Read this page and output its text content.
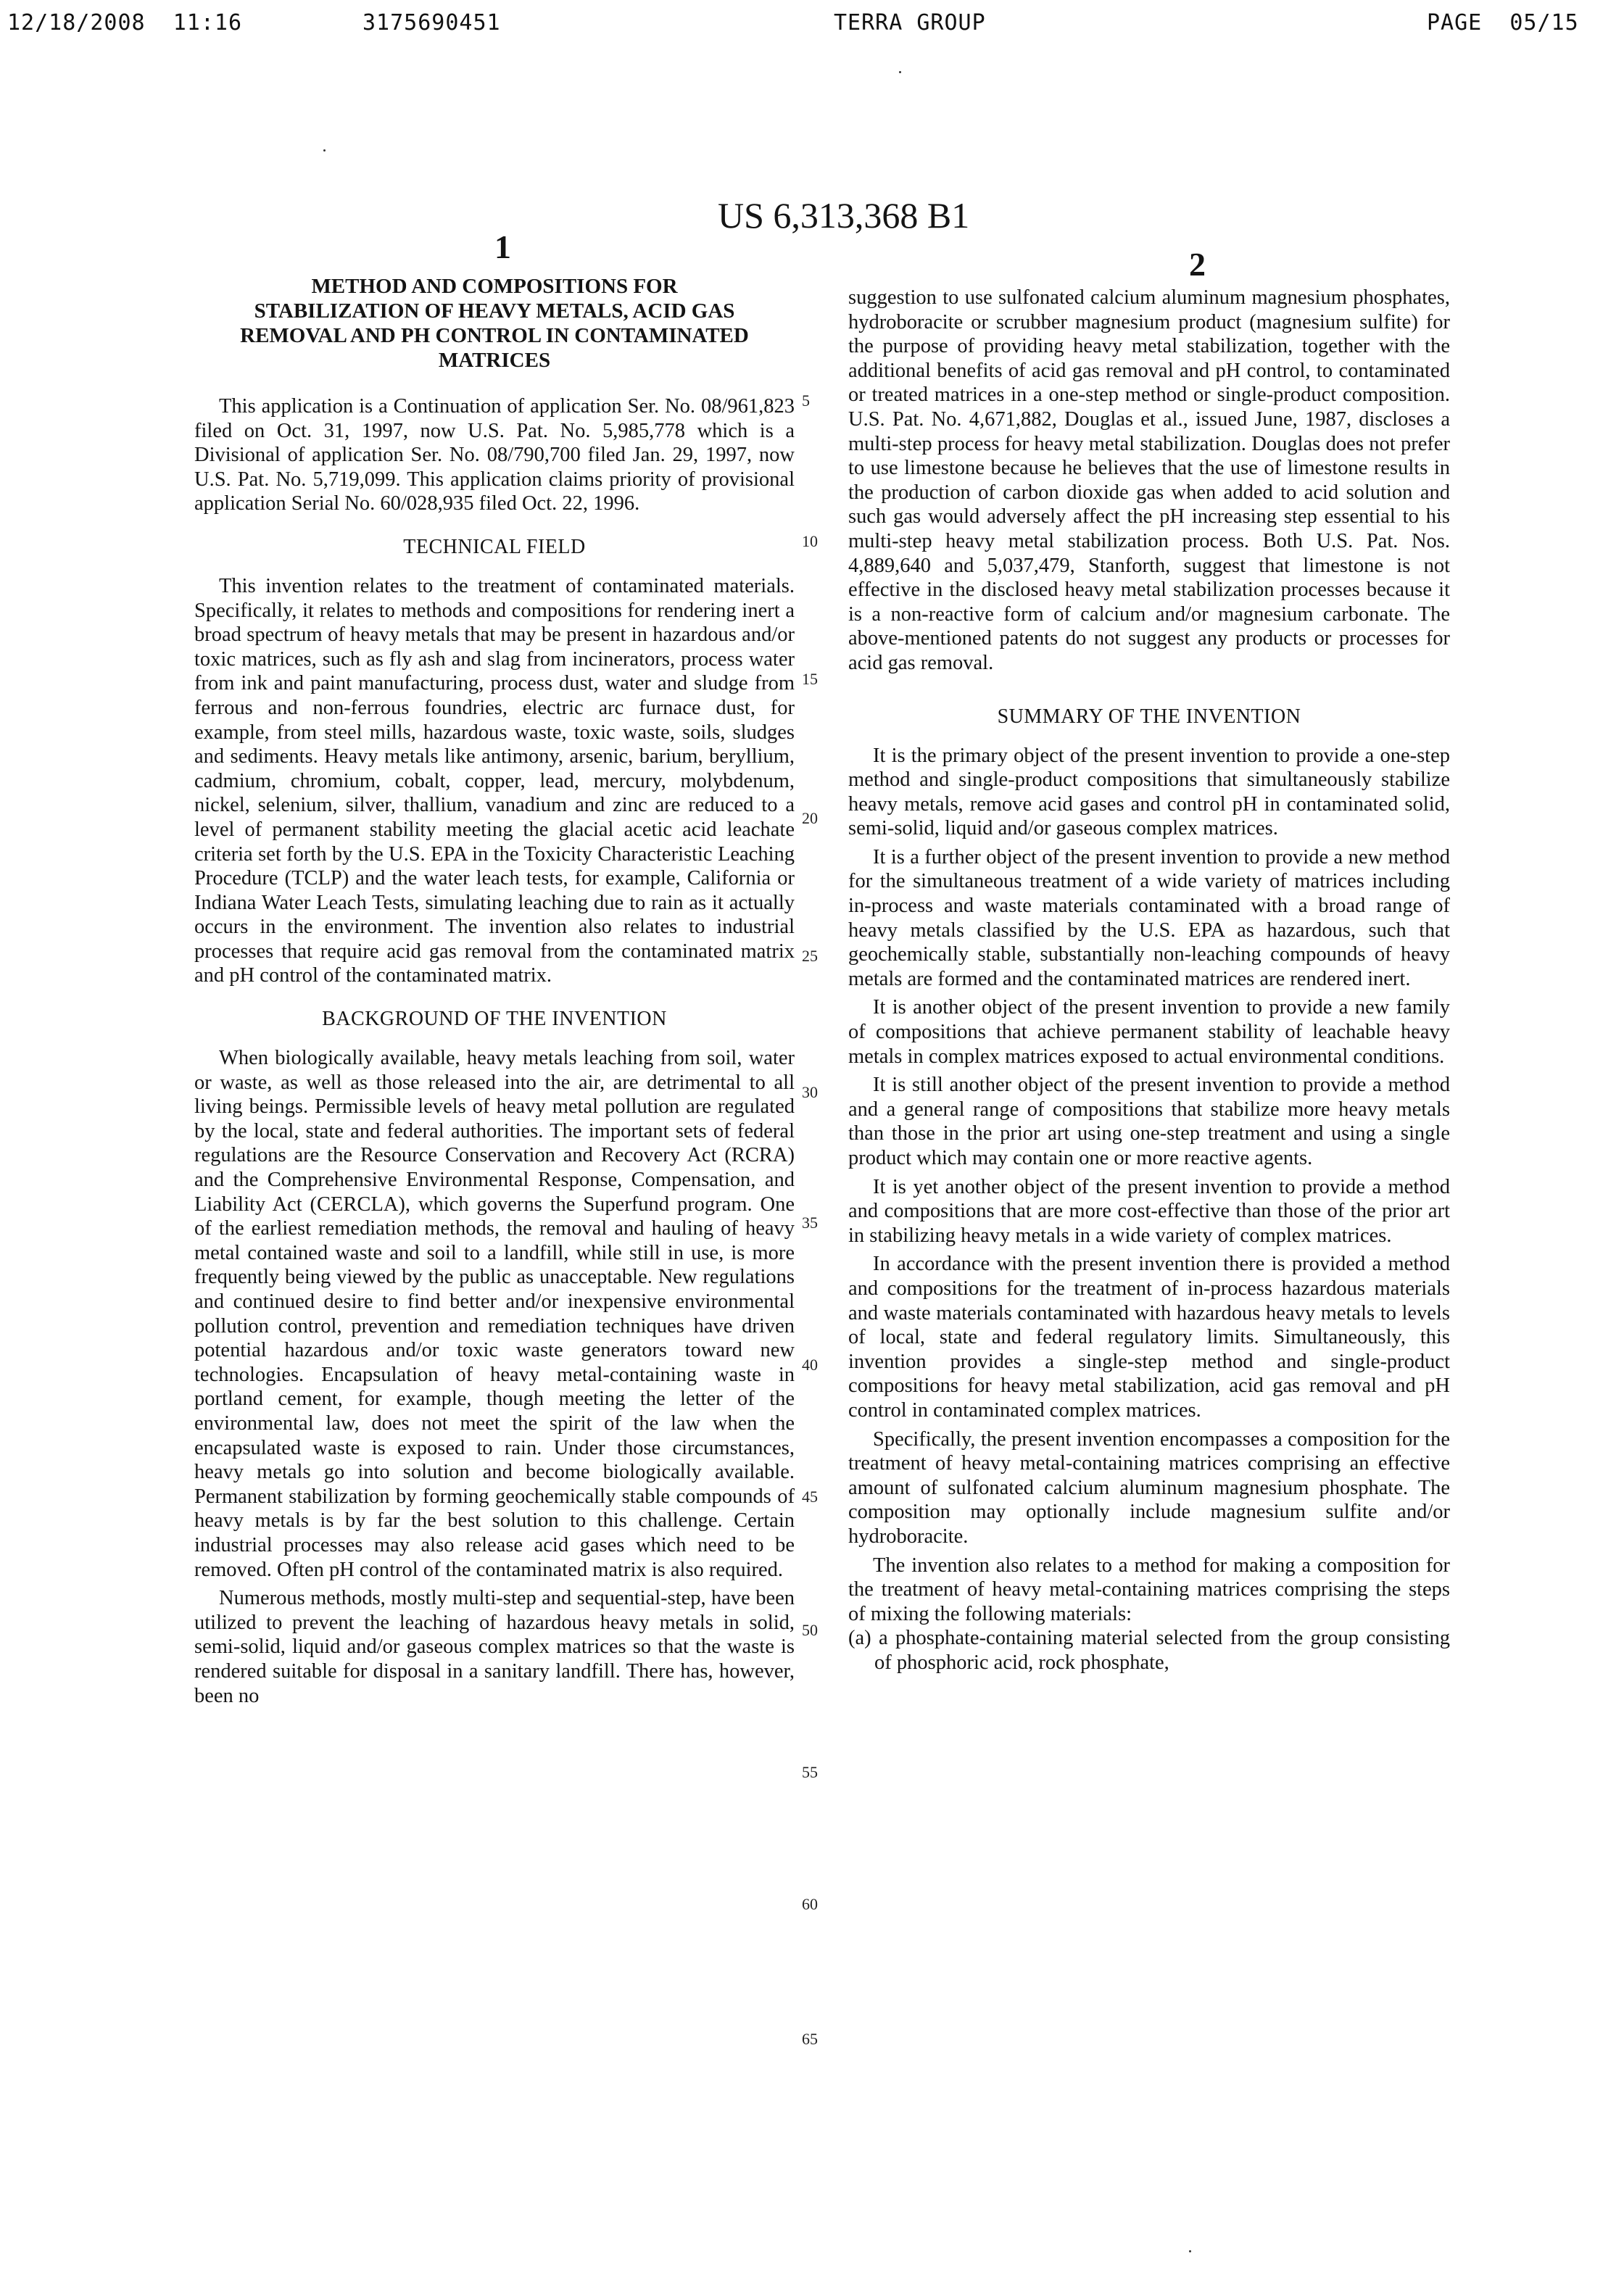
12/18/2008  11:16	3175690451	TERRA GROUP	PAGE  05/15
US 6,313,368 B1
1	2
METHOD AND COMPOSITIONS FOR STABILIZATION OF HEAVY METALS, ACID GAS REMOVAL AND PH CONTROL IN CONTAMINATED MATRICES

This application is a Continuation of application Ser. No. 08/961,823 filed on Oct. 31, 1997, now U.S. Pat. No. 5,985,778 which is a Divisional of application Ser. No. 08/790,700 filed Jan. 29, 1997, now U.S. Pat. No. 5,719,099. This application claims priority of provisional application Serial No. 60/028,935 filed Oct. 22, 1996.

TECHNICAL FIELD

This invention relates to the treatment of contaminated materials. Specifically, it relates to methods and compositions for rendering inert a broad spectrum of heavy metals that may be present in hazardous and/or toxic matrices, such as fly ash and slag from incinerators, process water from ink and paint manufacturing, process dust, water and sludge from ferrous and non-ferrous foundries, electric arc furnace dust, for example, from steel mills, hazardous waste, toxic waste, soils, sludges and sediments. Heavy metals like antimony, arsenic, barium, beryllium, cadmium, chromium, cobalt, copper, lead, mercury, molybdenum, nickel, selenium, silver, thallium, vanadium and zinc are reduced to a level of permanent stability meeting the glacial acetic acid leachate criteria set forth by the U.S. EPA in the Toxicity Characteristic Leaching Procedure (TCLP) and the water leach tests, for example, California or Indiana Water Leach Tests, simulating leaching due to rain as it actually occurs in the environment. The invention also relates to industrial processes that require acid gas removal from the contaminated matrix and pH control of the contaminated matrix.

BACKGROUND OF THE INVENTION

When biologically available, heavy metals leaching from soil, water or waste, as well as those released into the air, are detrimental to all living beings. Permissible levels of heavy metal pollution are regulated by the local, state and federal authorities. The important sets of federal regulations are the Resource Conservation and Recovery Act (RCRA) and the Comprehensive Environmental Response, Compensation, and Liability Act (CERCLA), which governs the Superfund program. One of the earliest remediation methods, the removal and hauling of heavy metal contained waste and soil to a landfill, while still in use, is more frequently being viewed by the public as unacceptable. New regulations and continued desire to find better and/or inexpensive environmental pollution control, prevention and remediation techniques have driven potential hazardous and/or toxic waste generators toward new technologies. Encapsulation of heavy metal-containing waste in portland cement, for example, though meeting the letter of the environmental law, does not meet the spirit of the law when the encapsulated waste is exposed to rain. Under those circumstances, heavy metals go into solution and become biologically available. Permanent stabilization by forming geochemically stable compounds of heavy metals is by far the best solution to this challenge. Certain industrial processes may also release acid gases which need to be removed. Often pH control of the contaminated matrix is also required.

Numerous methods, mostly multi-step and sequential-step, have been utilized to prevent the leaching of hazardous heavy metals in solid, semi-solid, liquid and/or gaseous complex matrices so that the waste is rendered suitable for disposal in a sanitary landfill. There has, however, been no

5
10
15
20
25
30
35
40
45
50
55
60
65

suggestion to use sulfonated calcium aluminum magnesium phosphates, hydroboracite or scrubber magnesium product (magnesium sulfite) for the purpose of providing heavy metal stabilization, together with the additional benefits of acid gas removal and pH control, to contaminated or treated matrices in a one-step method or single-product composition. U.S. Pat. No. 4,671,882, Douglas et al., issued June, 1987, discloses a multi-step process for heavy metal stabilization. Douglas does not prefer to use limestone because he believes that the use of limestone results in the production of carbon dioxide gas when added to acid solution and such gas would adversely affect the pH increasing step essential to his multi-step heavy metal stabilization process. Both U.S. Pat. Nos. 4,889,640 and 5,037,479, Stanforth, suggest that limestone is not effective in the disclosed heavy metal stabilization processes because it is a non-reactive form of calcium and/or magnesium carbonate. The above-mentioned patents do not suggest any products or processes for acid gas removal.

SUMMARY OF THE INVENTION

It is the primary object of the present invention to provide a one-step method and single-product compositions that simultaneously stabilize heavy metals, remove acid gases and control pH in contaminated solid, semi-solid, liquid and/or gaseous complex matrices.

It is a further object of the present invention to provide a new method for the simultaneous treatment of a wide variety of matrices including in-process and waste materials contaminated with a broad range of heavy metals classified by the U.S. EPA as hazardous, such that geochemically stable, substantially non-leaching compounds of heavy metals are formed and the contaminated matrices are rendered inert.

It is another object of the present invention to provide a new family of compositions that achieve permanent stability of leachable heavy metals in complex matrices exposed to actual environmental conditions.

It is still another object of the present invention to provide a method and a general range of compositions that stabilize more heavy metals than those in the prior art using one-step treatment and using a single product which may contain one or more reactive agents.

It is yet another object of the present invention to provide a method and compositions that are more cost-effective than those of the prior art in stabilizing heavy metals in a wide variety of complex matrices.

In accordance with the present invention there is provided a method and compositions for the treatment of in-process hazardous materials and waste materials contaminated with hazardous heavy metals to levels of local, state and federal regulatory limits. Simultaneously, this invention provides a single-step method and single-product compositions for heavy metal stabilization, acid gas removal and pH control in contaminated complex matrices.

Specifically, the present invention encompasses a composition for the treatment of heavy metal-containing matrices comprising an effective amount of sulfonated calcium aluminum magnesium phosphate. The composition may optionally include magnesium sulfite and/or hydroboracite.

The invention also relates to a method for making a composition for the treatment of heavy metal-containing matrices comprising the steps of mixing the following materials:

(a) a phosphate-containing material selected from the group consisting of phosphoric acid, rock phosphate,
